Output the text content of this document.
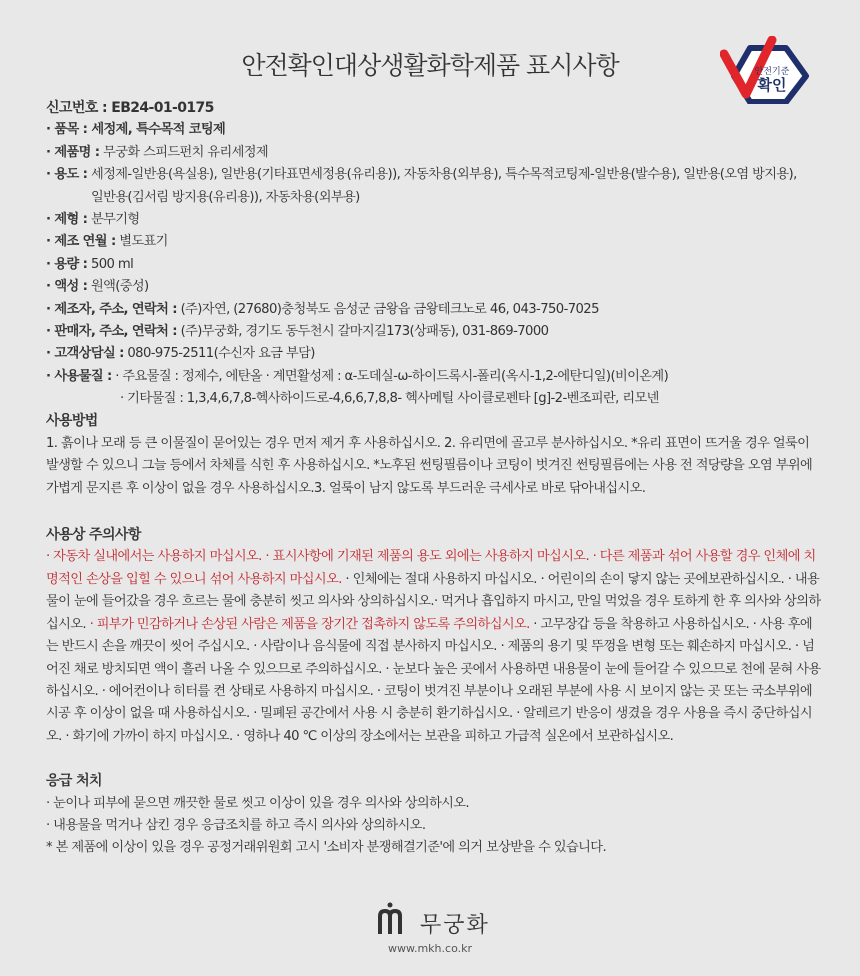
안전확인대상생활화학제품 표시사항	안전기준
확인
신고번호 : EB24-01-0175
· 품목 : 세정제, 특수목적 코팅제
· 제품명 : 무궁화 스피드펀치 유리세정제
· 용도 : 세정제-일반용(욕실용), 일반용(기타표면세정용(유리용)), 자동차용(외부용), 특수목적코팅제-일반용(발수용), 일반용(오염 방지용),
일반용(김서림 방지용(유리용)), 자동차용(외부용)
· 제형 : 분무기형
· 제조 연월 : 별도표기
· 용량 : 500 ml
· 액성 : 원액(중성)
· 제조자, 주소, 연락처 : (주)자연, (27680)충청북도 음성군 금왕읍 금왕테크노로 46, 043-750-7025
· 판매자, 주소, 연락처 : (주)무궁화, 경기도 동두천시 갈마지길173(상패동), 031-869-7000
· 고객상담실 : 080-975-2511(수신자 요금 부담)
· 사용물질 : · 주요물질 : 정제수, 에탄올 · 계면활성제 : α-도데실-ω-하이드록시-폴리(옥시-1,2-에탄디일)(비이온계)
· 기타물질 : 1,3,4,6,7,8-헥사하이드로-4,6,6,7,8,8- 헥사메틸 사이클로펜타 [g]-2-벤조피란, 리모넨
사용방법
1. 흙이나 모래 등 큰 이물질이 묻어있는 경우 먼저 제거 후 사용하십시오. 2. 유리면에 골고루 분사하십시오. *유리 표면이 뜨거울 경우 얼룩이 발생할 수 있으니 그늘 등에서 차체를 식힌 후 사용하십시오. *노후된 썬팅필름이나 코팅이 벗겨진 썬팅필름에는 사용 전 적당량을 오염 부위에 가볍게 문지른 후 이상이 없을 경우 사용하십시오.3. 얼룩이 남지 않도록 부드러운 극세사로 바로 닦아내십시오.
사용상 주의사항
· 자동차 실내에서는 사용하지 마십시오. · 표시사항에 기재된 제품의 용도 외에는 사용하지 마십시오. · 다른 제품과 섞어 사용할 경우 인체에 치명적인 손상을 입힐 수 있으니 섞어 사용하지 마십시오. · 인체에는 절대 사용하지 마십시오. · 어린이의 손이 닿지 않는 곳에보관하십시오. · 내용물이 눈에 들어갔을 경우 흐르는 물에 충분히 씻고 의사와 상의하십시오.· 먹거나 흡입하지 마시고, 만일 먹었을 경우 토하게 한 후 의사와 상의하십시오. · 피부가 민감하거나 손상된 사람은 제품을 장기간 접촉하지 않도록 주의하십시오. · 고무장갑 등을 착용하고 사용하십시오. · 사용 후에는 반드시 손을 깨끗이 씻어 주십시오. · 사람이나 음식물에 직접 분사하지 마십시오. · 제품의 용기 및 뚜껑을 변형 또는 훼손하지 마십시오. · 넘어진 채로 방치되면 액이 흘러 나올 수 있으므로 주의하십시오. · 눈보다 높은 곳에서 사용하면 내용물이 눈에 들어갈 수 있으므로 천에 묻혀 사용하십시오. · 에어컨이나 히터를 켠 상태로 사용하지 마십시오. · 코팅이 벗겨진 부분이나 오래된 부분에 사용 시 보이지 않는 곳 또는 국소부위에 시공 후 이상이 없을 때 사용하십시오. · 밀폐된 공간에서 사용 시 충분히 환기하십시오. · 알레르기 반응이 생겼을 경우 사용을 즉시 중단하십시오. · 화기에 가까이 하지 마십시오. · 영하나 40 ℃ 이상의 장소에서는 보관을 피하고 가급적 실온에서 보관하십시오.
응급 처치
· 눈이나 피부에 묻으면 깨끗한 물로 씻고 이상이 있을 경우 의사와 상의하시오.
· 내용물을 먹거나 삼킨 경우 응급조치를 하고 즉시 의사와 상의하시오.
* 본 제품에 이상이 있을 경우 공정거래위원회 고시 '소비자 분쟁해결기준'에 의거 보상받을 수 있습니다.
무궁화
www.mkh.co.kr
